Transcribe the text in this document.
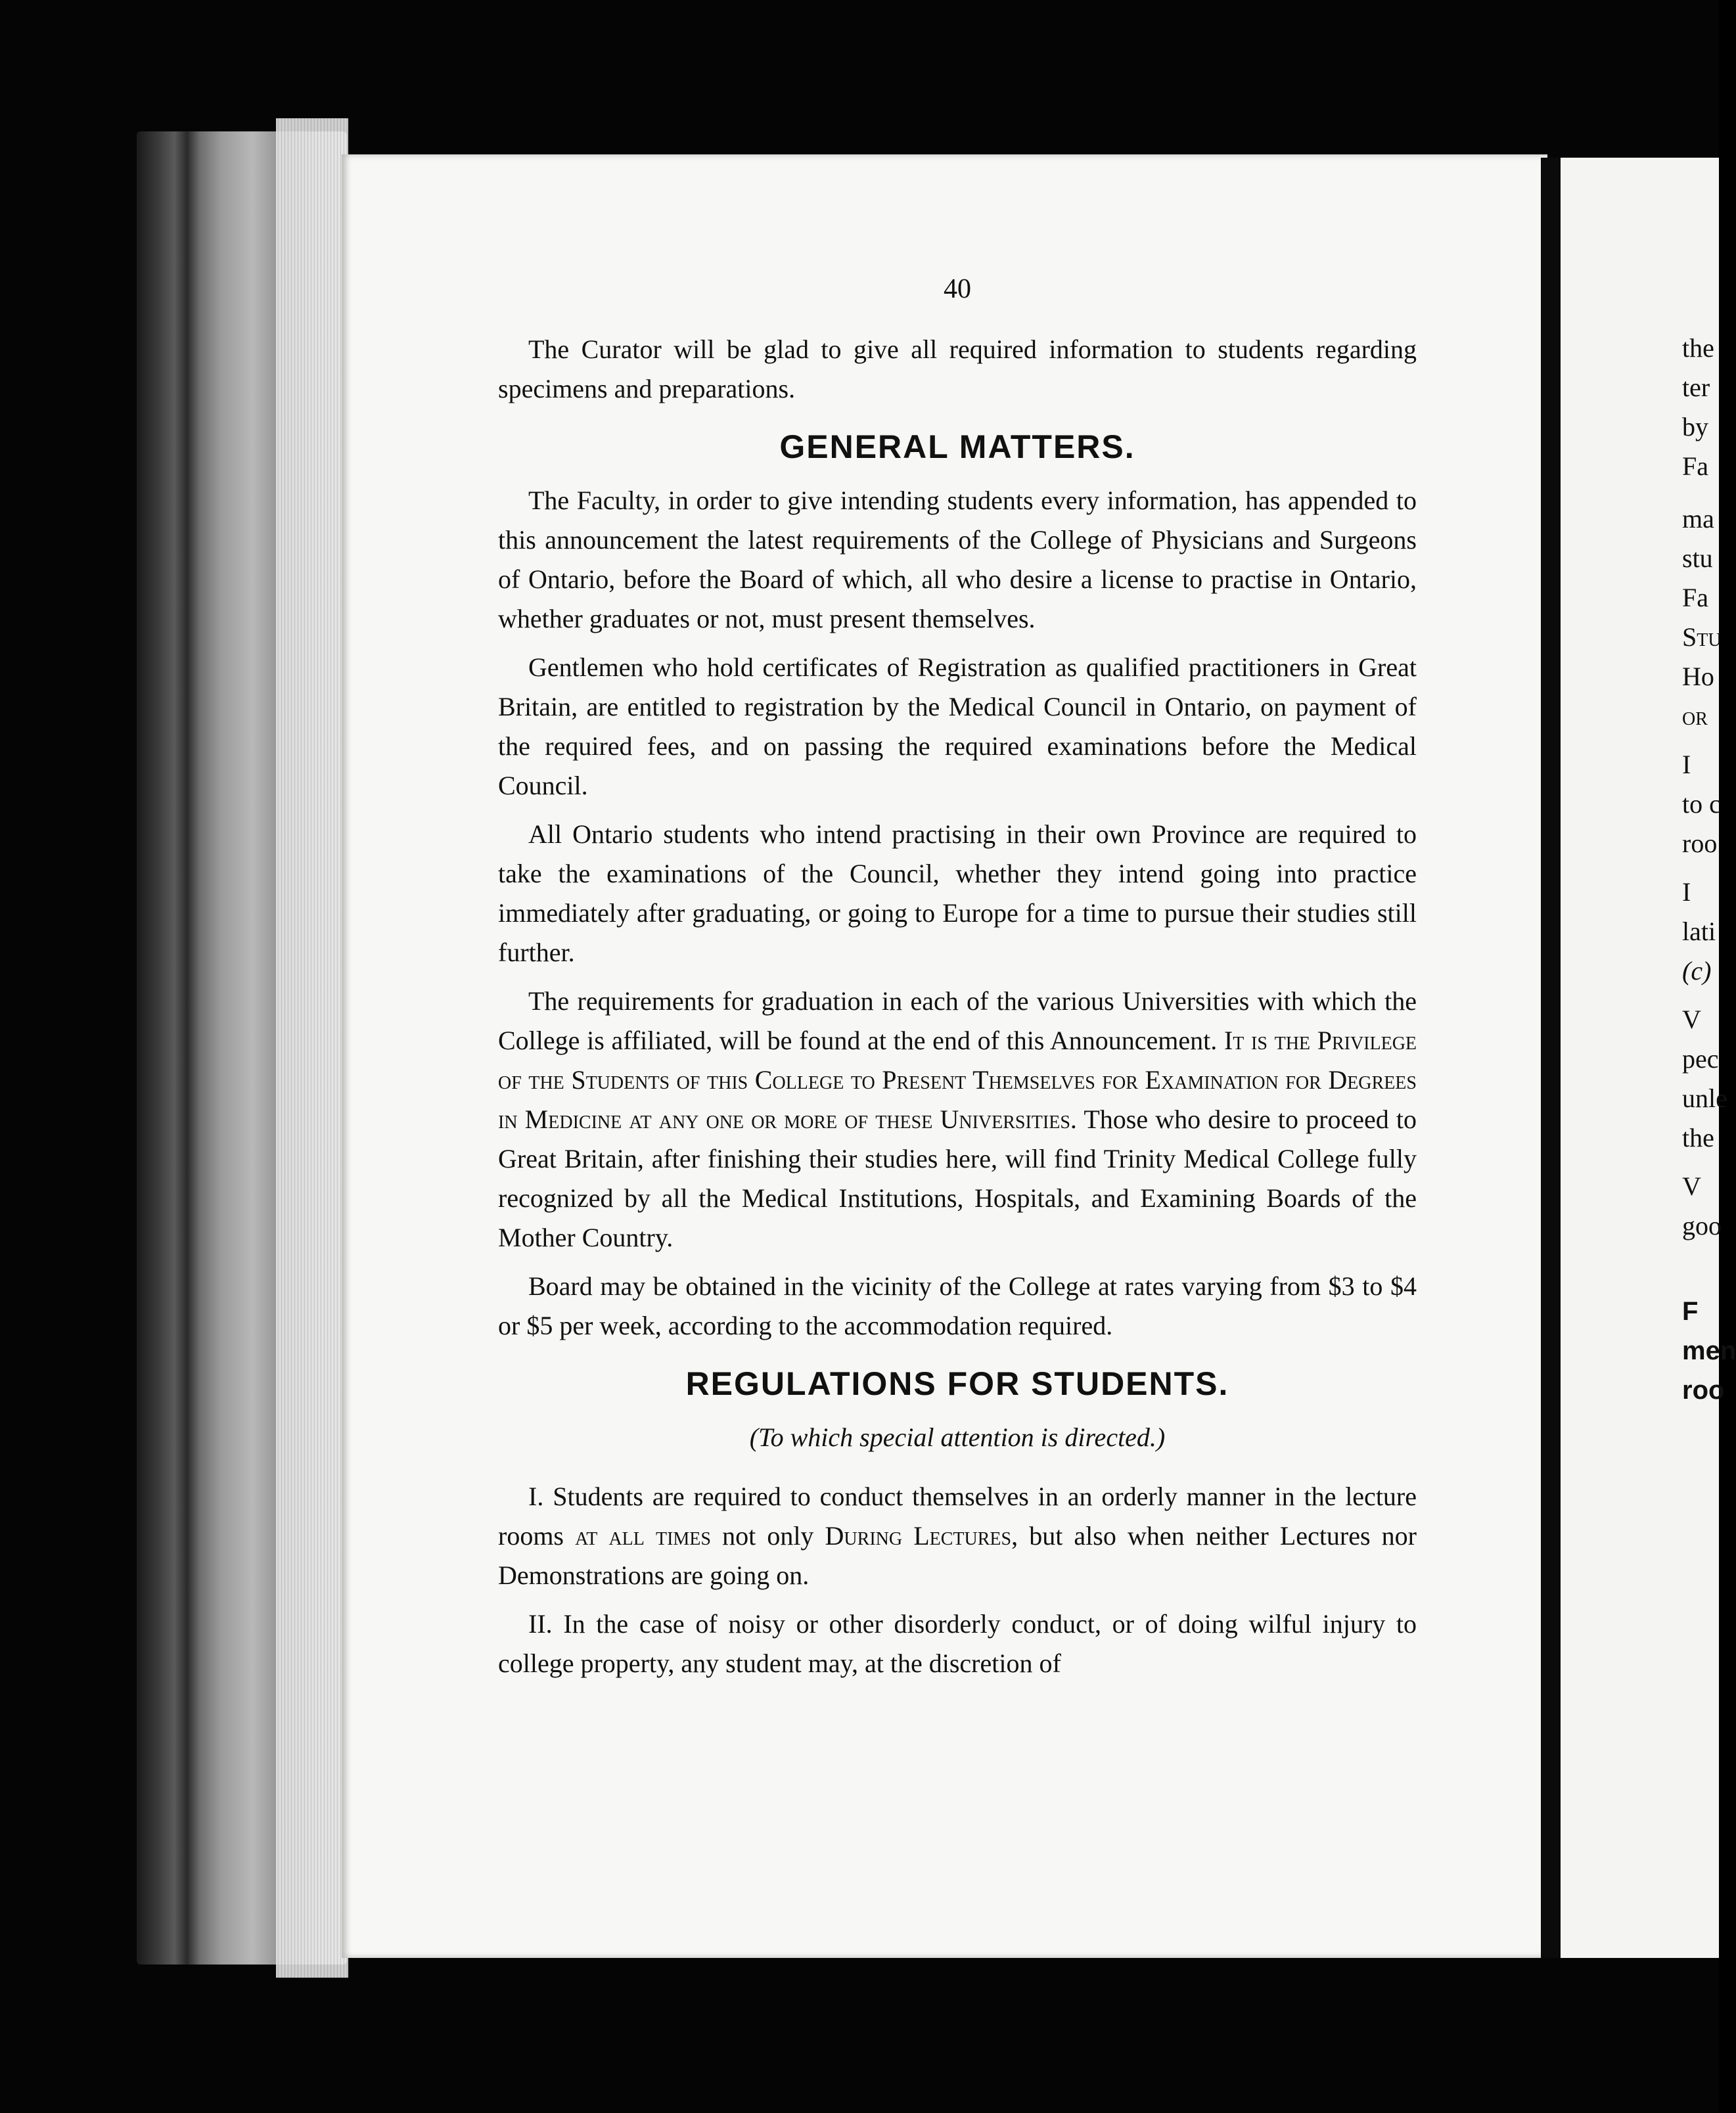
the
ter
by
Fa
ma
stu
Fa
Stu
Ho
or
I
to c
roo
I
lati
(c)
V
pec
unle
the
V
goo
F
men
roo
40

The Curator will be glad to give all required information to students regarding specimens and preparations.

GENERAL MATTERS.

The Faculty, in order to give intending students every information, has appended to this announcement the latest requirements of the College of Physicians and Surgeons of Ontario, before the Board of which, all who desire a license to practise in Ontario, whether graduates or not, must present themselves.

Gentlemen who hold certificates of Registration as qualified practitioners in Great Britain, are entitled to registration by the Medical Council in Ontario, on payment of the required fees, and on passing the required examinations before the Medical Council.

All Ontario students who intend practising in their own Province are required to take the examinations of the Council, whether they intend going into practice immediately after graduating, or going to Europe for a time to pursue their studies still further.

The requirements for graduation in each of the various Universities with which the College is affiliated, will be found at the end of this Announcement. It is the Privilege of the Students of this College to Present Themselves for Examination for Degrees in Medicine at any one or more of these Universities. Those who desire to proceed to Great Britain, after finishing their studies here, will find Trinity Medical College fully recognized by all the Medical Institutions, Hospitals, and Examining Boards of the Mother Country.

Board may be obtained in the vicinity of the College at rates varying from $3 to $4 or $5 per week, according to the accommodation required.

REGULATIONS FOR STUDENTS.

(To which special attention is directed.)

I. Students are required to conduct themselves in an orderly manner in the lecture rooms at all times not only During Lectures, but also when neither Lectures nor Demonstrations are going on.

II. In the case of noisy or other disorderly conduct, or of doing wilful injury to college property, any student may, at the discretion of
